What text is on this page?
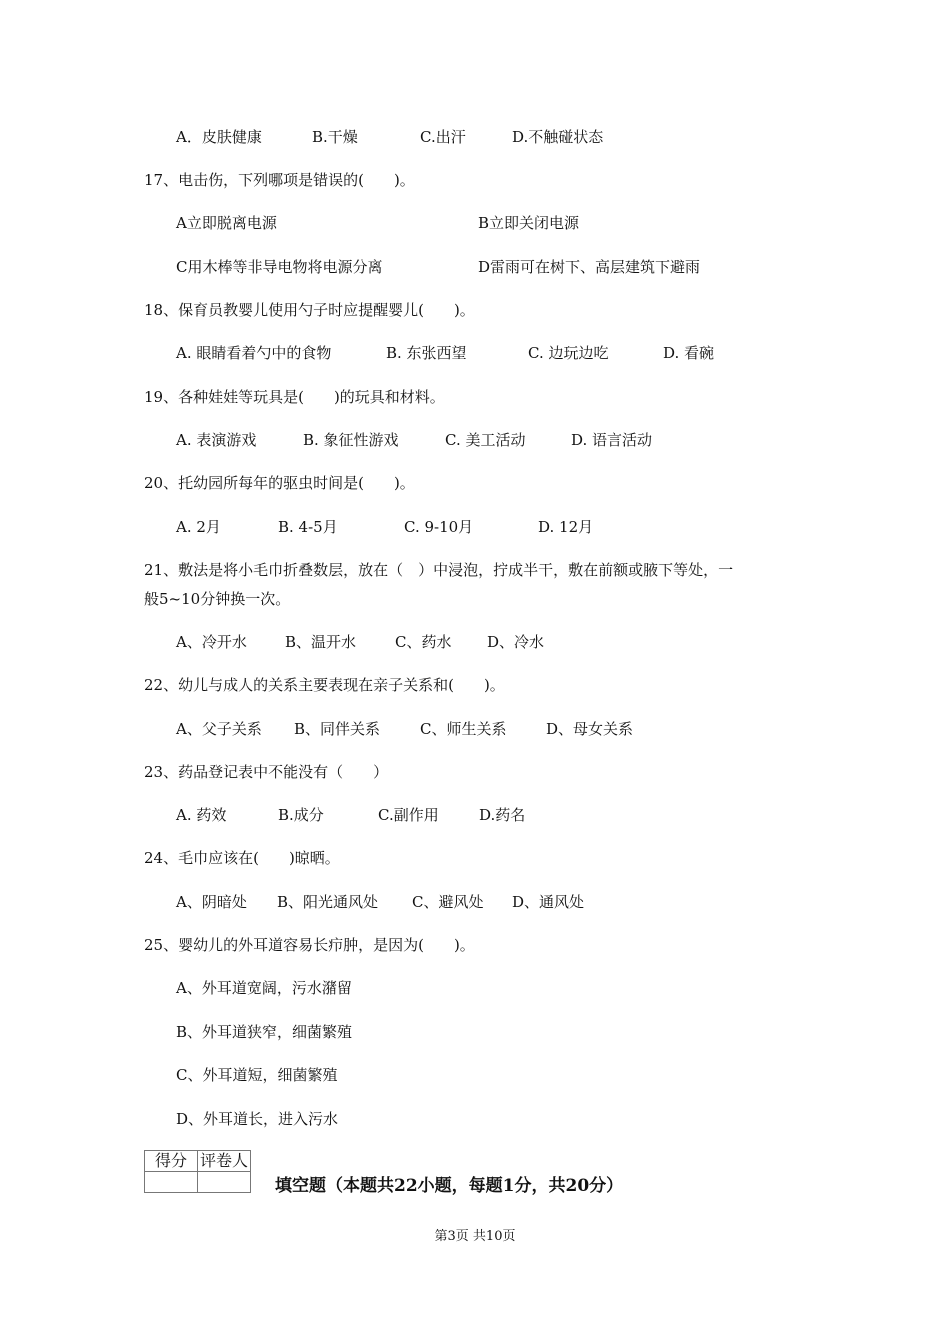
A．皮肤健康	B.干燥	C.出汗	D.不触碰状态
17、电击伤，下列哪项是错误的(　　)。
A立即脱离电源	B立即关闭电源
C用木棒等非导电物将电源分离	D雷雨可在树下、高层建筑下避雨
18、保育员教婴儿使用勺子时应提醒婴儿(　　)。
A. 眼睛看着勺中的食物	B. 东张西望	C. 边玩边吃	D. 看碗
19、各种娃娃等玩具是(　　)的玩具和材料。
A. 表演游戏	B. 象征性游戏	C. 美工活动	D. 语言活动
20、托幼园所每年的驱虫时间是(　　)。
A. 2月	B. 4-5月	C. 9-10月	D. 12月
21、敷法是将小毛巾折叠数层，放在（　）中浸泡，拧成半干，敷在前额或腋下等处，一
般5~10分钟换一次。
A、冷开水	B、温开水	C、药水 D、冷水
22、幼儿与成人的关系主要表现在亲子关系和(　　)。
A、父子关系 B、同伴关系	C、师生关系	D、母女关系
23、药品登记表中不能没有（　　）
A. 药效	B.成分	C.副作用	D.药名
24、毛巾应该在(　　)晾晒。
A、阴暗处 B、阳光通风处 C、避风处 D、通风处
25、婴幼儿的外耳道容易长疖肿，是因为(　　)。
A、外耳道宽阔，污水潴留
B、外耳道狭窄，细菌繁殖
C、外耳道短，细菌繁殖
D、外耳道长，进入污水
得分	评卷人

填空题（本题共22小题，每题1分，共20分）
第3页 共10页
